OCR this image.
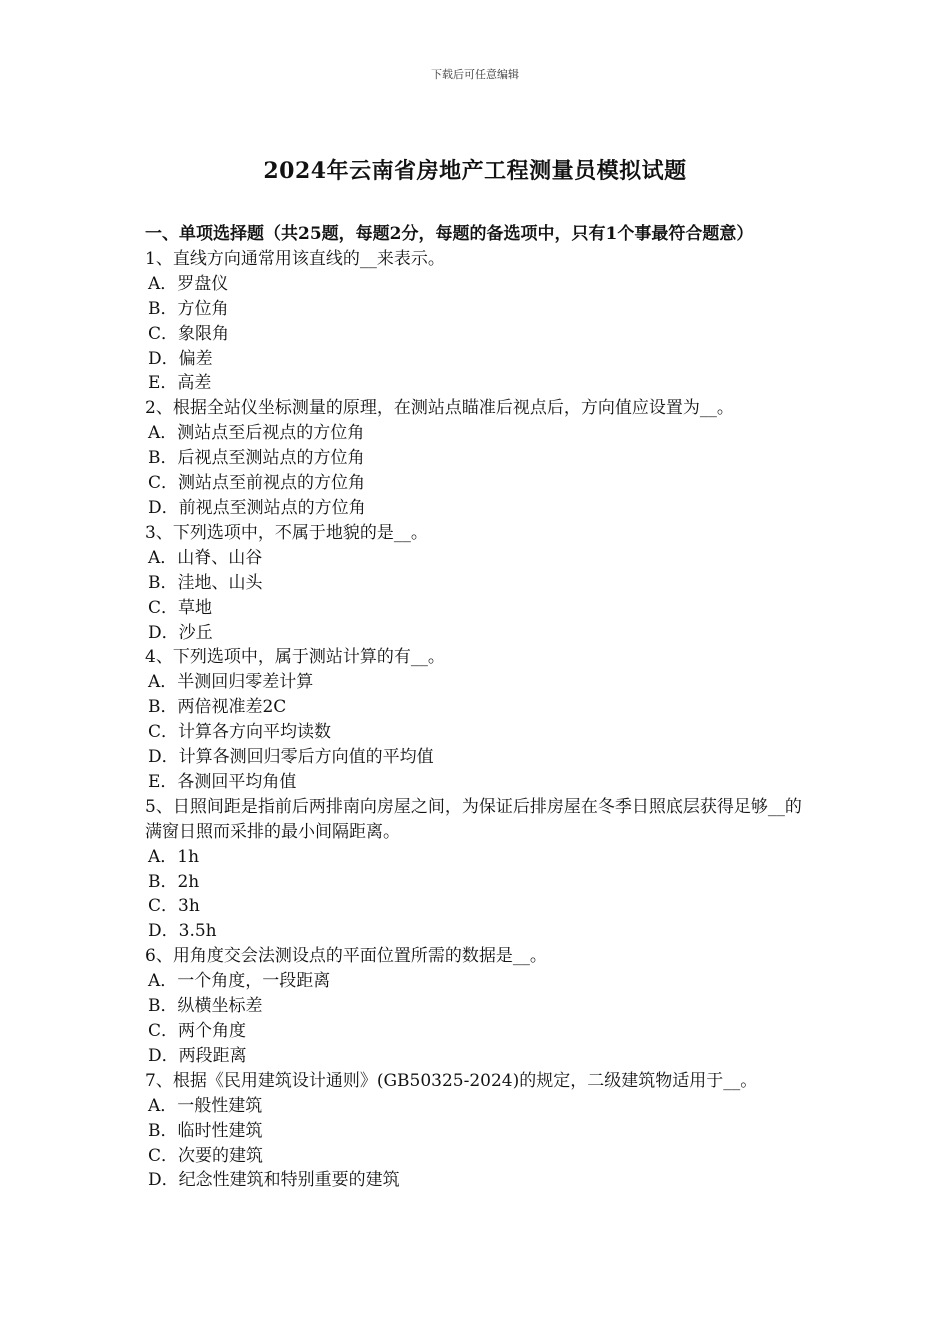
下载后可任意编辑
2024年云南省房地产工程测量员模拟试题

一、单项选择题（共25题，每题2分，每题的备选项中，只有1个事最符合题意）

1、直线方向通常用该直线的__来表示。

A．罗盘仪

B．方位角

C．象限角

D．偏差

E．高差

2、根据全站仪坐标测量的原理，在测站点瞄准后视点后，方向值应设置为__。

A．测站点至后视点的方位角

B．后视点至测站点的方位角

C．测站点至前视点的方位角

D．前视点至测站点的方位角

3、下列选项中，不属于地貌的是__。

A．山脊、山谷

B．洼地、山头

C．草地

D．沙丘

4、下列选项中，属于测站计算的有__。

A．半测回归零差计算

B．两倍视准差2C

C．计算各方向平均读数

D．计算各测回归零后方向值的平均值

E．各测回平均角值

5、日照间距是指前后两排南向房屋之间，为保证后排房屋在冬季日照底层获得足够__的满窗日照而采排的最小间隔距离。

A．1h

B．2h

C．3h

D．3.5h

6、用角度交会法测设点的平面位置所需的数据是__。

A．一个角度，一段距离

B．纵横坐标差

C．两个角度

D．两段距离

7、根据《民用建筑设计通则》(GB50325-2024)的规定，二级建筑物适用于__。

A．一般性建筑

B．临时性建筑

C．次要的建筑

D．纪念性建筑和特别重要的建筑
